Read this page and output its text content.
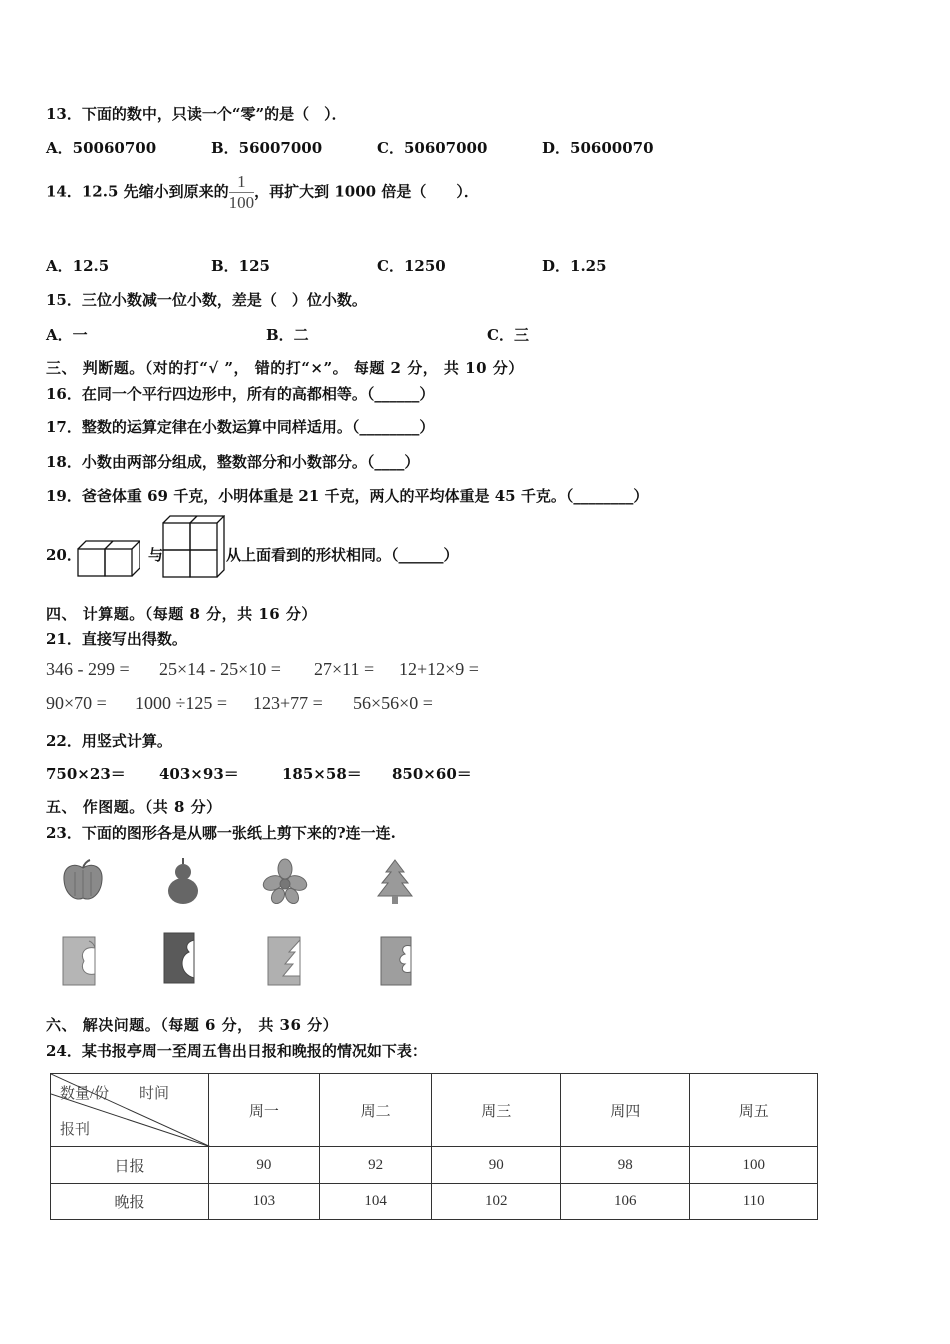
13．下面的数中，只读一个“零”的是（　）．
A．50060700	B．56007000	C．50607000	D．50600070
14．12.5 先缩小到原来的 $\frac{1}{100}$ ，再扩大到 1000 倍是（　　）．
A．12.5	B．125	C．1250	D．1.25
15．三位小数减一位小数，差是（　）位小数。
A．一	B．二	C．三
三、 判断题。（对的打“√ ”， 错的打“×”。 每题 2 分， 共 10 分）
16．在同一个平行四边形中，所有的高都相等。（______）
17．整数的运算定律在小数运算中同样适用。（________）
18．小数由两部分组成，整数部分和小数部分。（____）
19．爸爸体重 69 千克，小明体重是 21 千克，两人的平均体重是 45 千克。（________）
20．	与	从上面看到的形状相同。（______）
四、 计算题。（每题 8 分，共 16 分）
21．直接写出得数。
346 - 299 = 25×14 - 25×10 = 27×11 = 12+12×9 =
90×70 = 1000 ÷125 = 123+77 = 56×56×0 =
22．用竖式计算。
750×23＝ 403×93＝	185×58＝ 850×60＝
五、 作图题。（共 8 分）
23．下面的图形各是从哪一张纸上剪下来的?连一连.
六、 解决问题。（每题 6 分， 共 36 分）
24．某书报亭周一至周五售出日报和晚报的情况如下表：
数量/份 时间
报刊	周一	周二	周三	周四	周五
日报	90	92	90	98	100
晚报	103	104	102	106	110
